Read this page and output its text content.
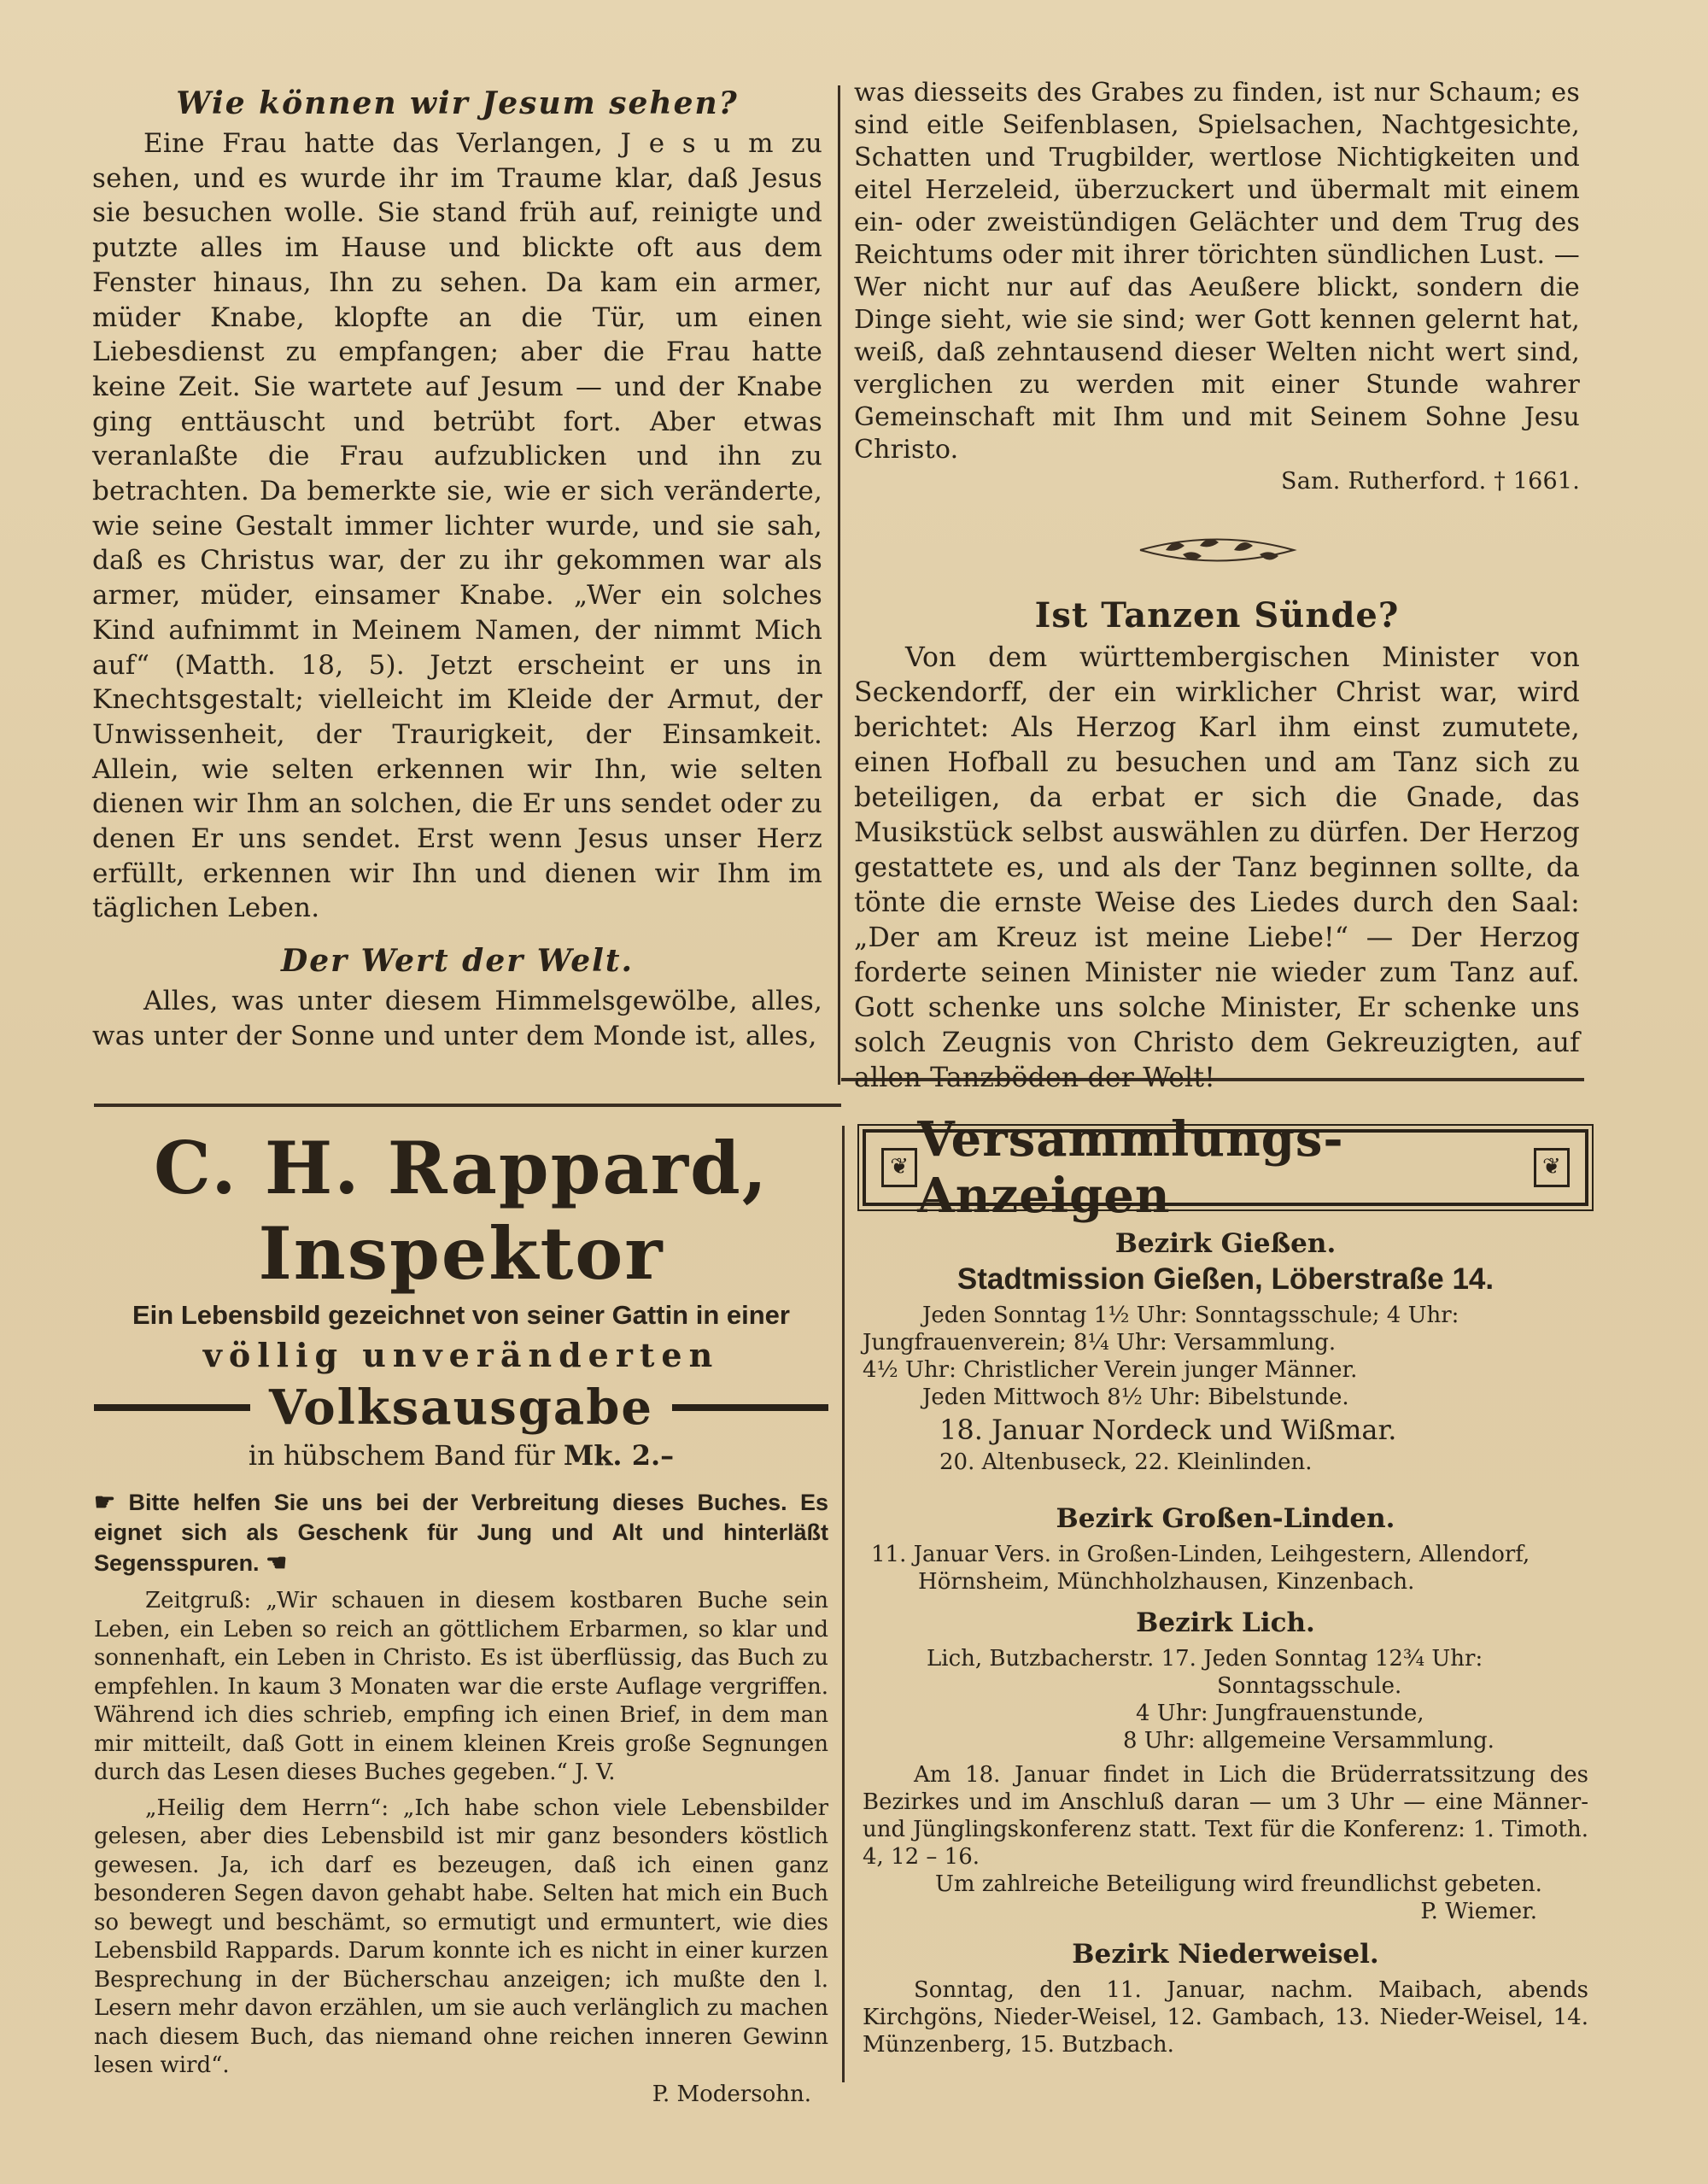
Wie können wir Jesum sehen?

Eine Frau hatte das Verlangen, J e s u m zu sehen, und es wurde ihr im Traume klar, daß Jesus sie besuchen wolle. Sie stand früh auf, reinigte und putzte alles im Hause und blickte oft aus dem Fenster hinaus, Ihn zu sehen. Da kam ein armer, müder Knabe, klopfte an die Tür, um einen Liebesdienst zu empfangen; aber die Frau hatte keine Zeit. Sie wartete auf Jesum — und der Knabe ging enttäuscht und betrübt fort. Aber etwas veranlaßte die Frau aufzublicken und ihn zu betrachten. Da bemerkte sie, wie er sich veränderte, wie seine Gestalt immer lichter wurde, und sie sah, daß es Christus war, der zu ihr gekommen war als armer, müder, einsamer Knabe. „Wer ein solches Kind aufnimmt in Meinem Namen, der nimmt Mich auf“ (Matth. 18, 5). Jetzt erscheint er uns in Knechtsgestalt; vielleicht im Kleide der Armut, der Unwissenheit, der Traurigkeit, der Einsamkeit. Allein, wie selten erkennen wir Ihn, wie selten dienen wir Ihm an solchen, die Er uns sendet oder zu denen Er uns sendet. Erst wenn Jesus unser Herz erfüllt, erkennen wir Ihn und dienen wir Ihm im täglichen Leben.

Der Wert der Welt.

Alles, was unter diesem Himmelsgewölbe, alles, was unter der Sonne und unter dem Monde ist, alles,

was diesseits des Grabes zu finden, ist nur Schaum; es sind eitle Seifenblasen, Spielsachen, Nachtgesichte, Schatten und Trugbilder, wertlose Nichtigkeiten und eitel Herzeleid, überzuckert und übermalt mit einem ein- oder zweistündigen Gelächter und dem Trug des Reichtums oder mit ihrer törichten sündlichen Lust. — Wer nicht nur auf das Aeußere blickt, sondern die Dinge sieht, wie sie sind; wer Gott kennen gelernt hat, weiß, daß zehntausend dieser Welten nicht wert sind, verglichen zu werden mit einer Stunde wahrer Gemeinschaft mit Ihm und mit Seinem Sohne Jesu Christo.

Sam. Rutherford. † 1661.

Ist Tanzen Sünde?

Von dem württembergischen Minister von Seckendorff, der ein wirklicher Christ war, wird berichtet: Als Herzog Karl ihm einst zumutete, einen Hofball zu besuchen und am Tanz sich zu beteiligen, da erbat er sich die Gnade, das Musikstück selbst auswählen zu dürfen. Der Herzog gestattete es, und als der Tanz beginnen sollte, da tönte die ernste Weise des Liedes durch den Saal: „Der am Kreuz ist meine Liebe!“ — Der Herzog forderte seinen Minister nie wieder zum Tanz auf. Gott schenke uns solche Minister, Er schenke uns solch Zeugnis von Christo dem Gekreuzigten, auf allen Tanzböden der Welt!

C. H. Rappard, Inspektor
Ein Lebensbild gezeichnet von seiner Gattin in einer
völlig unveränderten
Volksausgabe
in hübschem Band für Mk. 2.–
☛ Bitte helfen Sie uns bei der Verbreitung dieses Buches. Es eignet sich als Geschenk für Jung und Alt und hinterläßt Segensspuren. ☚

Zeitgruß: „Wir schauen in diesem kostbaren Buche sein Leben, ein Leben so reich an göttlichem Erbarmen, so klar und sonnenhaft, ein Leben in Christo. Es ist überflüssig, das Buch zu empfehlen. In kaum 3 Monaten war die erste Auflage vergriffen. Während ich dies schrieb, empfing ich einen Brief, in dem man mir mitteilt, daß Gott in einem kleinen Kreis große Segnungen durch das Lesen dieses Buches gegeben.“ J. V.

„Heilig dem Herrn“: „Ich habe schon viele Lebensbilder gelesen, aber dies Lebensbild ist mir ganz besonders köstlich gewesen. Ja, ich darf es bezeugen, daß ich einen ganz besonderen Segen davon gehabt habe. Selten hat mich ein Buch so bewegt und beschämt, so ermutigt und ermuntert, wie dies Lebensbild Rappards. Darum konnte ich es nicht in einer kurzen Besprechung in der Bücherschau anzeigen; ich mußte den l. Lesern mehr davon erzählen, um sie auch verlänglich zu machen nach diesem Buch, das niemand ohne reichen inneren Gewinn lesen wird“.

P. Modersohn.

❦ Versammlungs-Anzeigen
❦
Bezirk Gießen.
Stadtmission Gießen, Löberstraße 14.
Jeden Sonntag 1½ Uhr: Sonntagsschule; 4 Uhr:
Jungfrauenverein; 8¼ Uhr: Versammlung.
4½ Uhr: Christlicher Verein junger Männer.
Jeden Mittwoch 8½ Uhr: Bibelstunde.
18. Januar Nordeck und Wißmar.
20. Altenbuseck, 22. Kleinlinden.
Bezirk Großen-Linden.
11. Januar Vers. in Großen-Linden, Leihgestern, Allendorf,
Hörnsheim, Münchholzhausen, Kinzenbach.
Bezirk Lich.
Lich, Butzbacherstr. 17. Jeden Sonntag 12¾ Uhr:
Sonntagsschule.
4 Uhr: Jungfrauenstunde,
8 Uhr: allgemeine Versammlung.

Am 18. Januar findet in Lich die Brüderratssitzung des Bezirkes und im Anschluß daran — um 3 Uhr — eine Männer- und Jünglingskonferenz statt. Text für die Konferenz: 1. Timoth. 4, 12 – 16.

Um zahlreiche Beteiligung wird freundlichst gebeten.
P. Wiemer.
Bezirk Niederweisel.

Sonntag, den 11. Januar, nachm. Maibach, abends Kirchgöns, Nieder-Weisel, 12. Gambach, 13. Nieder-Weisel, 14. Münzenberg, 15. Butzbach.
